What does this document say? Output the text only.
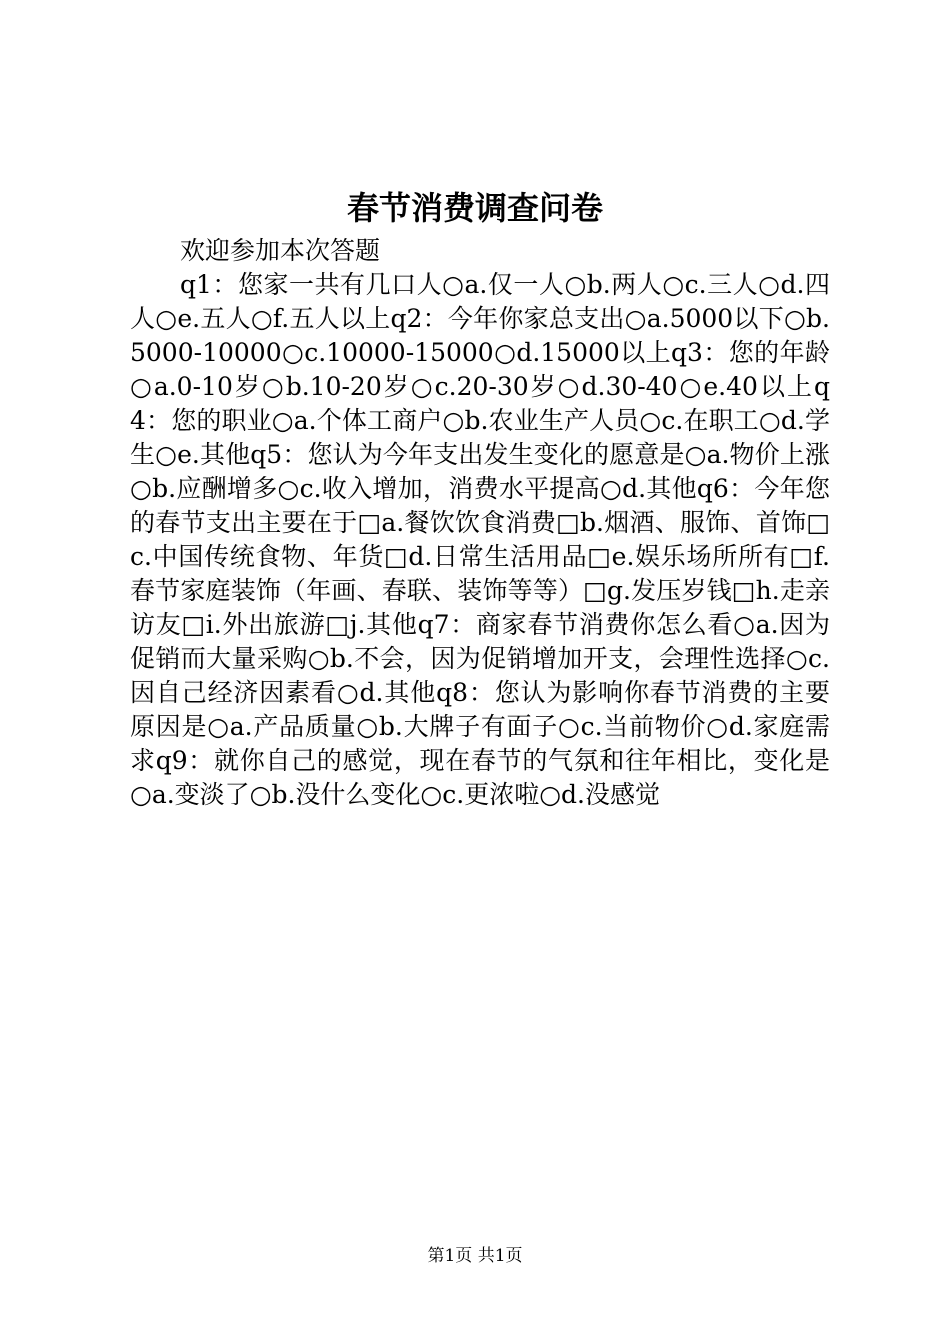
春节消费调查问卷

欢迎参加本次答题

q1：您家一共有几口人○a.仅一人○b.两人○c.三人○d.四人○e.五人○f.五人以上q2：今年你家总支出○a.5000以下○b.5000-10000○c.10000-15000○d.15000以上q3：您的年龄○a.0-10岁○b.10-20岁○c.20-30岁○d.30-40○e.40以上q4：您的职业○a.个体工商户○b.农业生产人员○c.在职工○d.学生○e.其他q5：您认为今年支出发生变化的愿意是○a.物价上涨○b.应酬增多○c.收入增加，消费水平提高○d.其他q6：今年您的春节支出主要在于□a.餐饮饮食消费□b.烟酒、服饰、首饰□c.中国传统食物、年货□d.日常生活用品□e.娱乐场所所有□f.春节家庭装饰（年画、春联、装饰等等）□g.发压岁钱□h.走亲访友□i.外出旅游□j.其他q7：商家春节消费你怎么看○a.因为促销而大量采购○b.不会，因为促销增加开支，会理性选择○c.因自己经济因素看○d.其他q8：您认为影响你春节消费的主要原因是○a.产品质量○b.大牌子有面子○c.当前物价○d.家庭需求q9：就你自己的感觉，现在春节的气氛和往年相比，变化是○a.变淡了○b.没什么变化○c.更浓啦○d.没感觉

第1页 共1页
